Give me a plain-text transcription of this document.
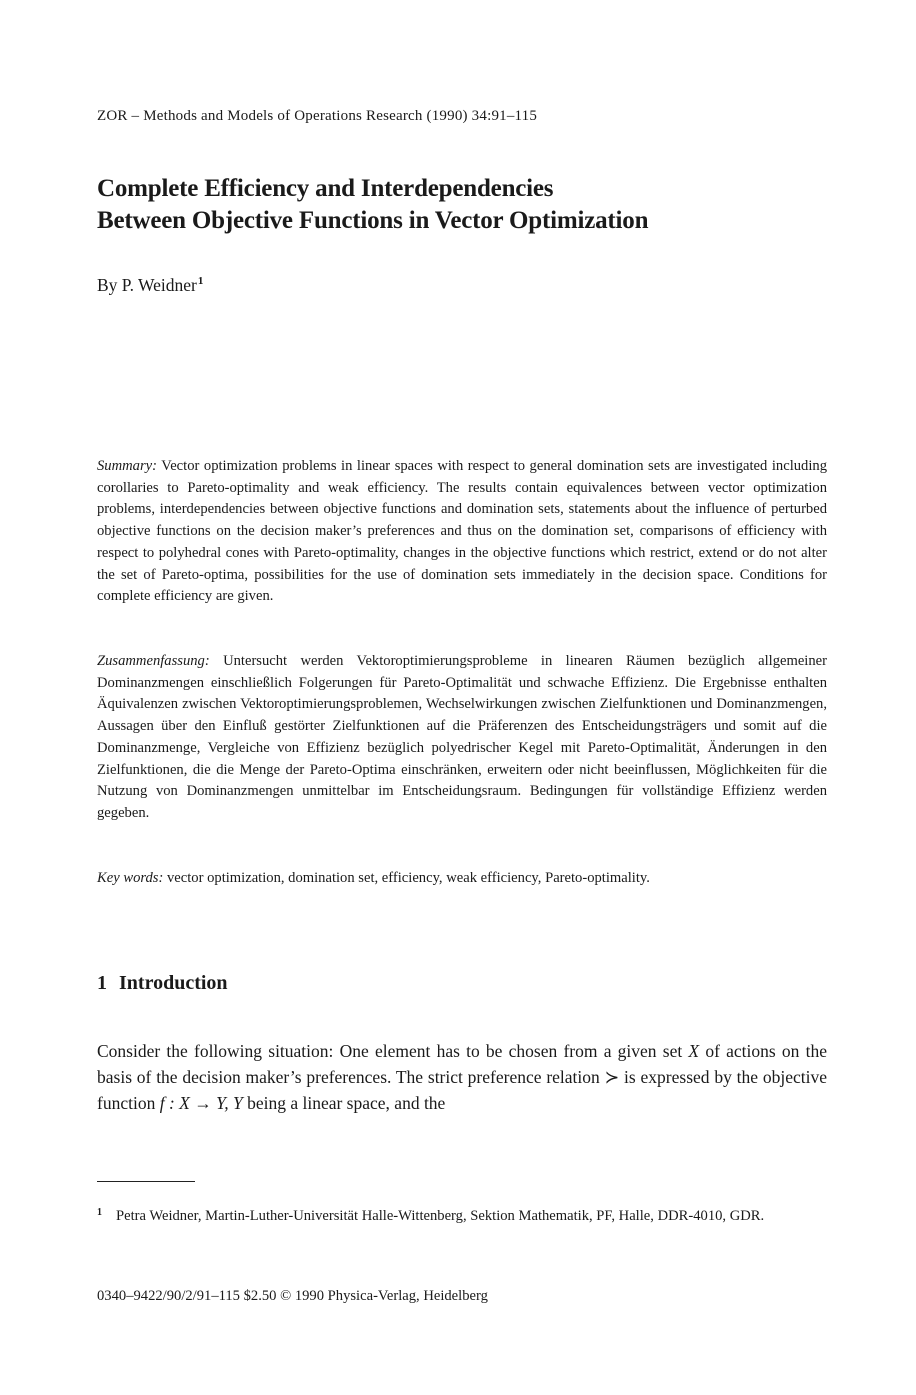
ZOR – Methods and Models of Operations Research (1990) 34:91–115
Complete Efficiency and Interdependencies
Between Objective Functions in Vector Optimization
By P. Weidner$^1$
Summary: Vector optimization problems in linear spaces with respect to general domination sets are investigated including corollaries to Pareto-optimality and weak efficiency. The results contain equivalences between vector optimization problems, interdependencies between objective functions and domination sets, statements about the influence of perturbed objective functions on the decision maker’s preferences and thus on the domination set, comparisons of efficiency with respect to polyhedral cones with Pareto-optimality, changes in the objective functions which restrict, extend or do not alter the set of Pareto-optima, possibilities for the use of domination sets immediately in the decision space. Conditions for complete efficiency are given.
Zusammenfassung: Untersucht werden Vektoroptimierungsprobleme in linearen Räumen bezüglich allgemeiner Dominanzmengen einschließlich Folgerungen für Pareto-Optimalität und schwache Effizienz. Die Ergebnisse enthalten Äquivalenzen zwischen Vektoroptimierungsproblemen, Wechselwirkungen zwischen Zielfunktionen und Dominanzmengen, Aussagen über den Einfluß gestörter Zielfunktionen auf die Präferenzen des Entscheidungsträgers und somit auf die Dominanzmenge, Vergleiche von Effizienz bezüglich polyedrischer Kegel mit Pareto-Optimalität, Änderungen in den Zielfunktionen, die die Menge der Pareto-Optima einschränken, erweitern oder nicht beeinflussen, Möglichkeiten für die Nutzung von Dominanzmengen unmittelbar im Entscheidungsraum. Bedingungen für vollständige Effizienz werden gegeben.
Key words: vector optimization, domination set, efficiency, weak efficiency, Pareto-optimality.
1 Introduction
Consider the following situation: One element has to be chosen from a given set X of actions on the basis of the decision maker’s preferences. The strict preference relation ≻ is expressed by the objective function f : X → Y, Y being a linear space, and the
$^1$ Petra Weidner, Martin-Luther-Universität Halle-Wittenberg, Sektion Mathematik, PF, Halle, DDR-4010, GDR.
0340–9422/90/2/91–115 $2.50 © 1990 Physica-Verlag, Heidelberg
